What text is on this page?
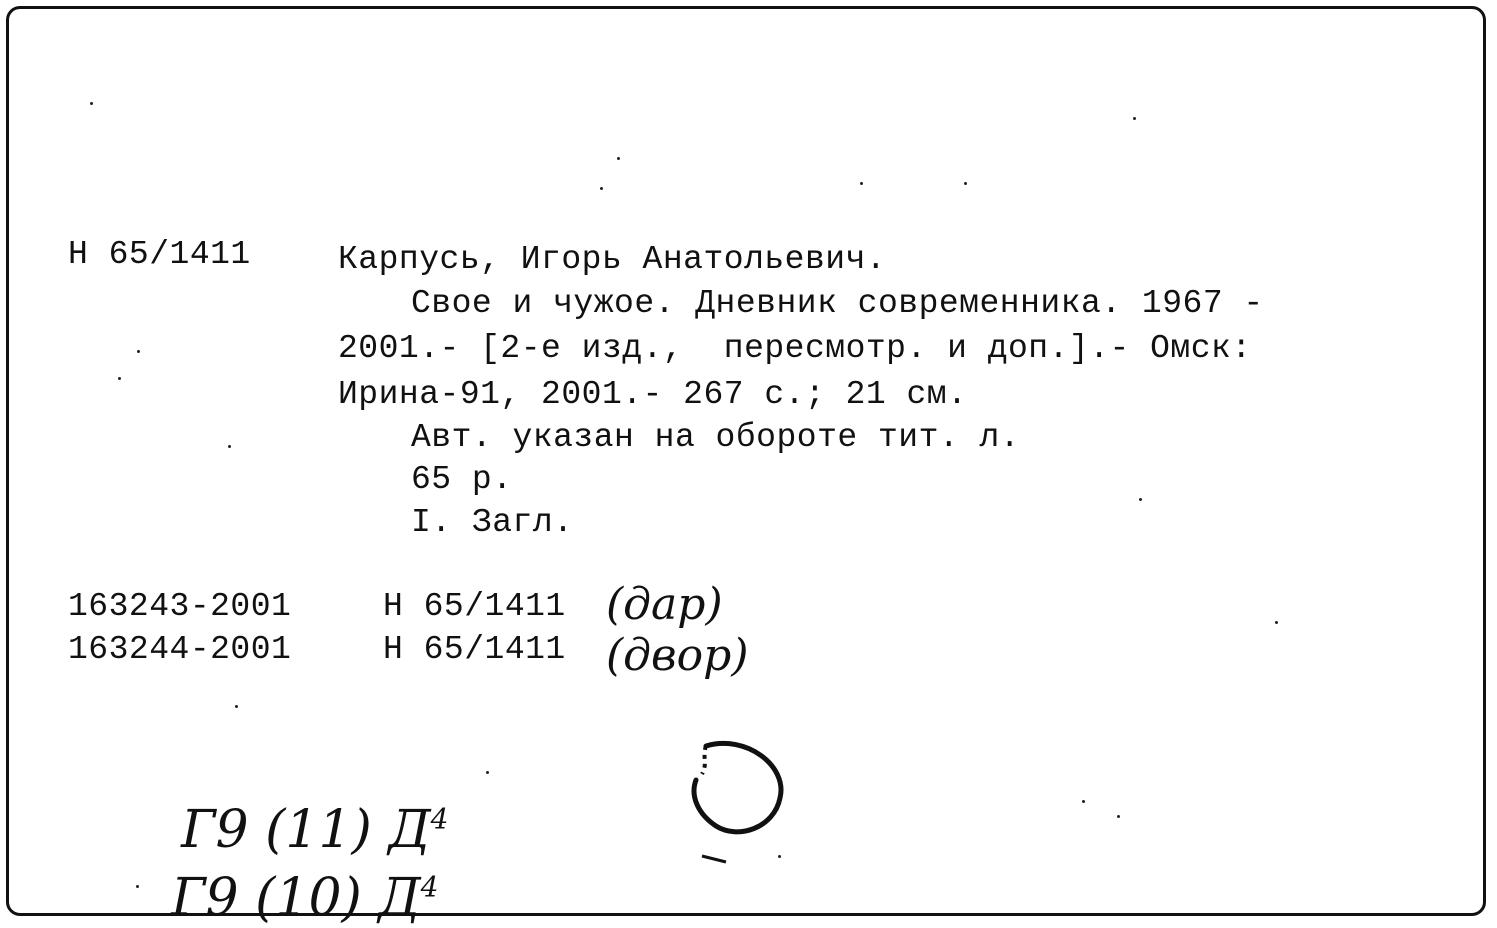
Н 65/1411	Карпусь, Игорь Анатольевич.
Свое и чужое. Дневник современника. 1967 -
2001.- [2-е изд.,  пересмотр. и доп.].- Омск:
Ирина-91, 2001.- 267 с.; 21 см.
Авт. указан на обороте тит. л.
65 р.
I. Загл.
163243-2001	Н 65/1411 (дар)
163244-2001	Н 65/1411 (двор)

Г9 (11) $Д^4$

Г9 (10) $Д^4$
